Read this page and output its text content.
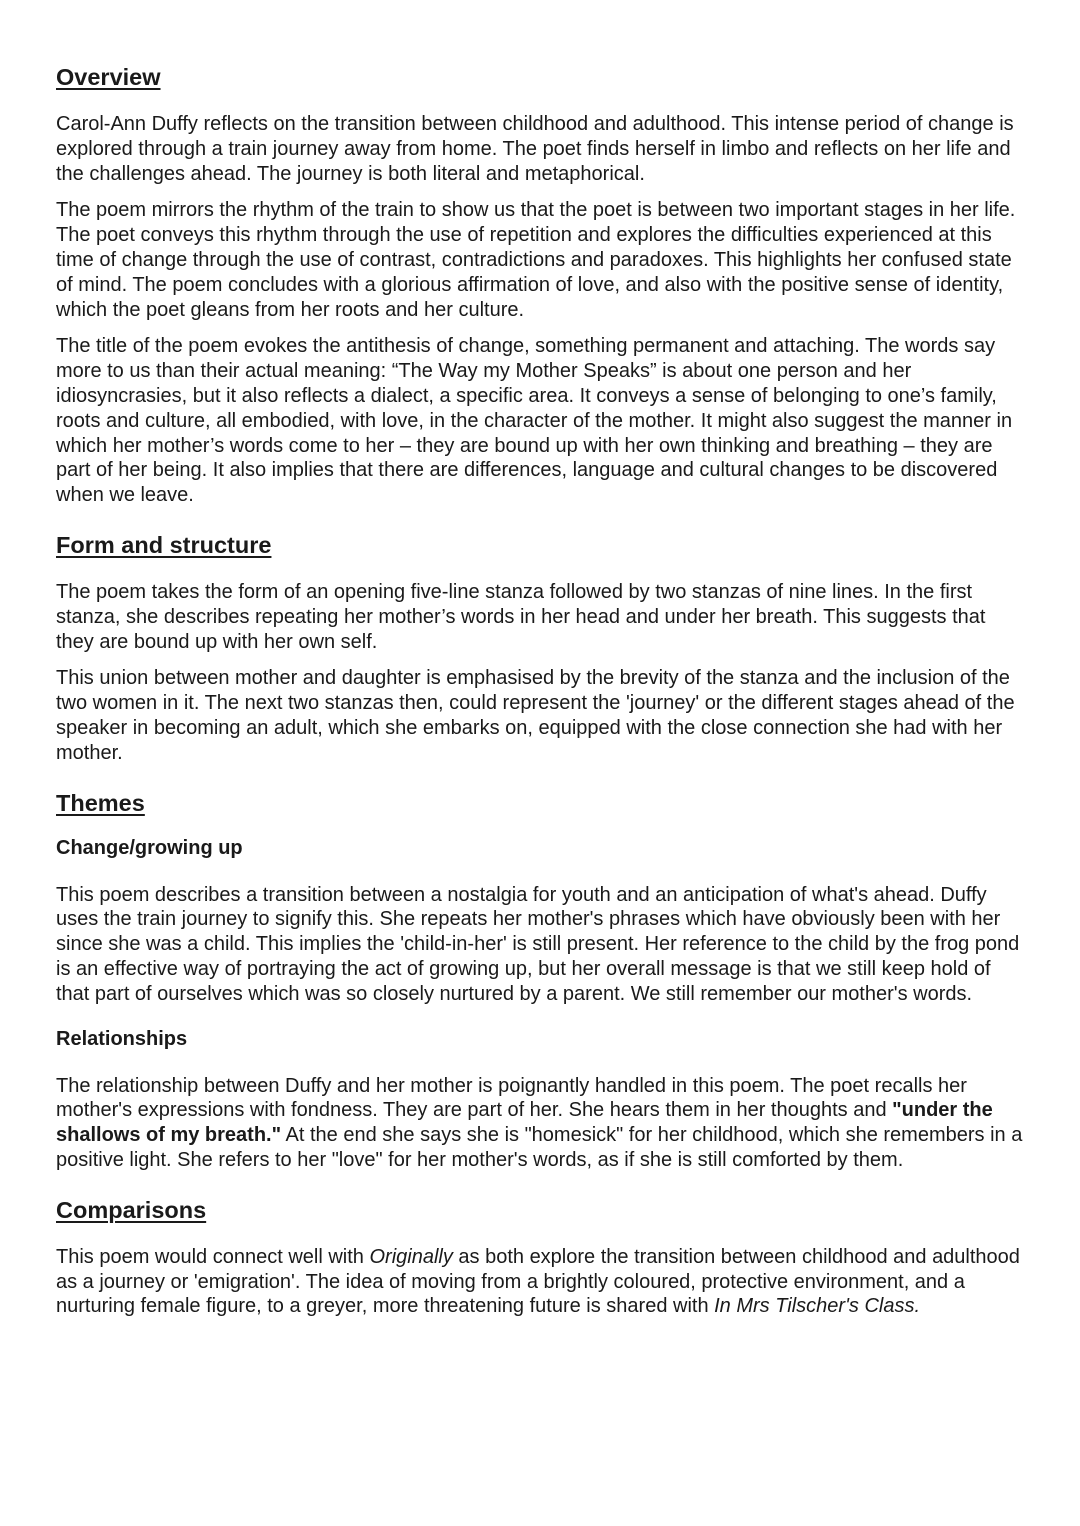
Overview

Carol-Ann Duffy reflects on the transition between childhood and adulthood. This intense period of change is explored through a train journey away from home. The poet finds herself in limbo and reflects on her life and the challenges ahead. The journey is both literal and metaphorical.

The poem mirrors the rhythm of the train to show us that the poet is between two important stages in her life. The poet conveys this rhythm through the use of repetition and explores the difficulties experienced at this time of change through the use of contrast, contradictions and paradoxes. This highlights her confused state of mind. The poem concludes with a glorious affirmation of love, and also with the positive sense of identity, which the poet gleans from her roots and her culture.

The title of the poem evokes the antithesis of change, something permanent and attaching. The words say more to us than their actual meaning: “The Way my Mother Speaks” is about one person and her idiosyncrasies, but it also reflects a dialect, a specific area. It conveys a sense of belonging to one’s family, roots and culture, all embodied, with love, in the character of the mother. It might also suggest the manner in which her mother’s words come to her – they are bound up with her own thinking and breathing – they are part of her being. It also implies that there are differences, language and cultural changes to be discovered when we leave.

Form and structure

The poem takes the form of an opening five-line stanza followed by two stanzas of nine lines. In the first stanza, she describes repeating her mother’s words in her head and under her breath. This suggests that they are bound up with her own self.

This union between mother and daughter is emphasised by the brevity of the stanza and the inclusion of the two women in it. The next two stanzas then, could represent the 'journey' or the different stages ahead of the speaker in becoming an adult, which she embarks on, equipped with the close connection she had with her mother.

Themes
Change/growing up

This poem describes a transition between a nostalgia for youth and an anticipation of what's ahead. Duffy uses the train journey to signify this. She repeats her mother's phrases which have obviously been with her since she was a child. This implies the 'child-in-her' is still present. Her reference to the child by the frog pond is an effective way of portraying the act of growing up, but her overall message is that we still keep hold of that part of ourselves which was so closely nurtured by a parent. We still remember our mother's words.

Relationships

The relationship between Duffy and her mother is poignantly handled in this poem. The poet recalls her mother's expressions with fondness. They are part of her. She hears them in her thoughts and "under the shallows of my breath." At the end she says she is "homesick" for her childhood, which she remembers in a positive light. She refers to her "love" for her mother's words, as if she is still comforted by them.

Comparisons

This poem would connect well with Originally as both explore the transition between childhood and adulthood as a journey or 'emigration'. The idea of moving from a brightly coloured, protective environment, and a nurturing female figure, to a greyer, more threatening future is shared with In Mrs Tilscher's Class.
